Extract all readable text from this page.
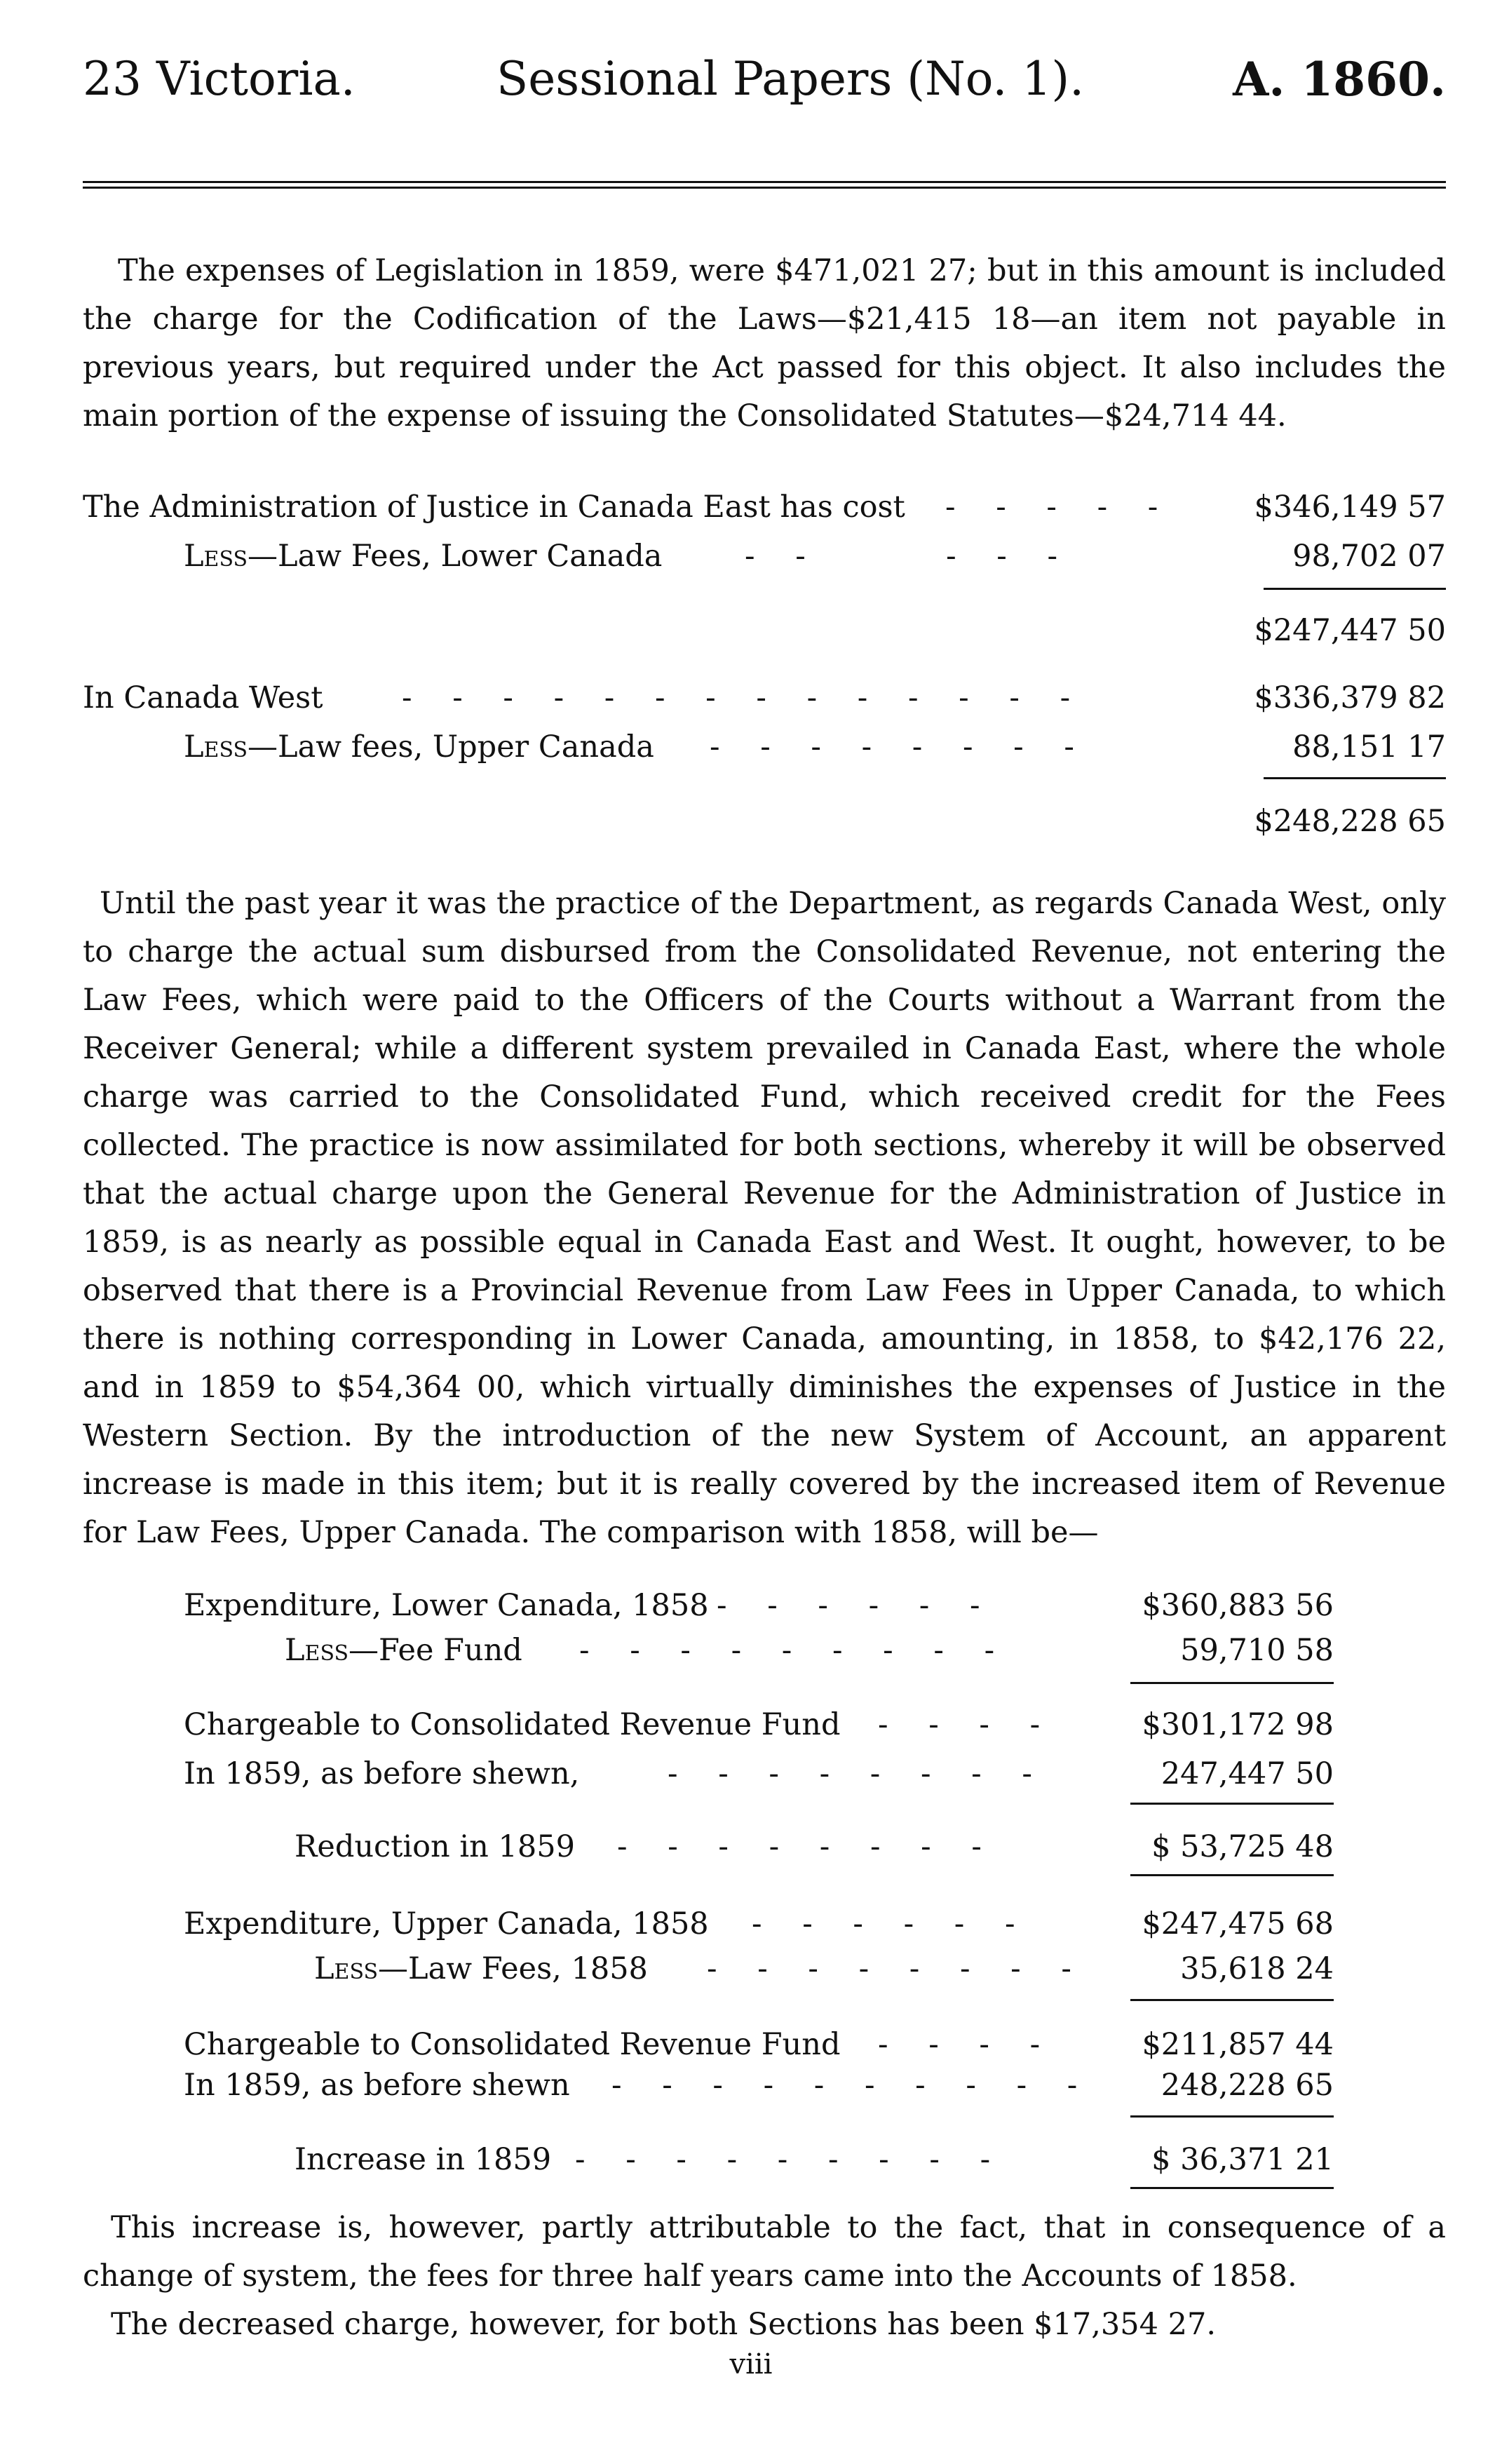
23 Victoria.	Sessional Papers (No. 1).	A. 1860.
The expenses of Legislation in 1859, were $471,021 27; but in this amount is included the charge for the Codification of the Laws—$21,415 18—an item not payable in previous years, but required under the Act passed for this object. It also includes the main portion of the expense of issuing the Consolidated Statutes—$24,714 44.
The Administration of Justice in Canada East has cost - - - - -	$346,149 57
Less—Law Fees, Lower Canada	- -     - - -	98,702 07
$247,447 50
In Canada West	- - - - - - - - - - - - - -	$336,379 82
Less—Law fees, Upper Canada - - - - - - - -	88,151 17
$248,228 65
Until the past year it was the practice of the Department, as regards Canada West, only to charge the actual sum disbursed from the Consolidated Revenue, not entering the Law Fees, which were paid to the Officers of the Courts without a Warrant from the Receiver General; while a different system prevailed in Canada East, where the whole charge was carried to the Consolidated Fund, which received credit for the Fees collected. The practice is now assimilated for both sections, whereby it will be observed that the actual charge upon the General Revenue for the Administration of Justice in 1859, is as nearly as possible equal in Canada East and West. It ought, however, to be observed that there is a Provincial Revenue from Law Fees in Upper Canada, to which there is nothing corresponding in Lower Canada, amounting, in 1858, to $42,176 22, and in 1859 to $54,364 00, which virtually diminishes the expenses of Justice in the Western Section. By the introduction of the new System of Account, an apparent increase is made in this item; but it is really covered by the increased item of Revenue for Law Fees, Upper Canada. The comparison with 1858, will be—
Expenditure, Lower Canada, 1858 - - - - - -	$360,883 56
Less—Fee Fund - - - - - - - - -	59,710 58
Chargeable to Consolidated Revenue Fund - - - -	$301,172 98
In 1859, as before shewn,	- - - - - - - -	247,447 50
Reduction in 1859 - - - - - - - -	$ 53,725 48
Expenditure, Upper Canada, 1858 - - - - - -	$247,475 68
Less—Law Fees, 1858 - - - - - - - -	35,618 24
Chargeable to Consolidated Revenue Fund - - - -	$211,857 44
In 1859, as before shewn - - - - - - - - - -	248,228 65
Increase in 1859 - - - - - - - - -	$ 36,371 21
This increase is, however, partly attributable to the fact, that in consequence of a change of system, the fees for three half years came into the Accounts of 1858.
The decreased charge, however, for both Sections has been $17,354 27.
viii
